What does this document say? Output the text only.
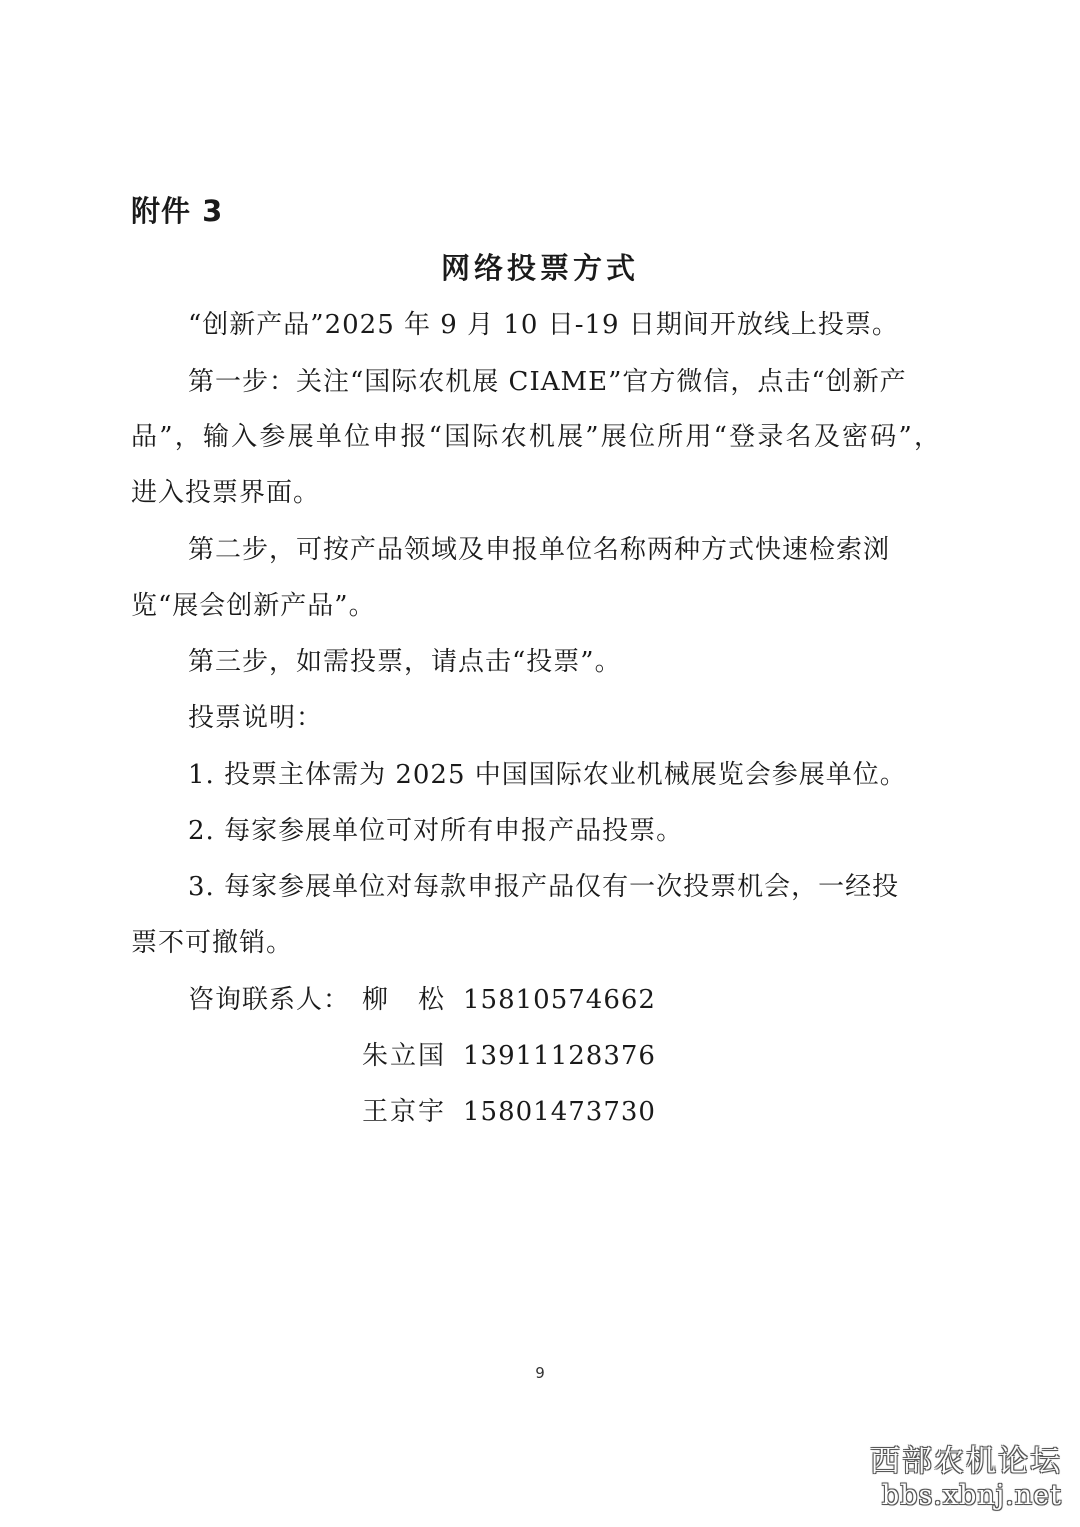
附件 3
网络投票方式
“创新产品”2025 年 9 月 10 日-19 日期间开放线上投票。
第一步：关注“国际农机展 CIAME”官方微信，点击“创新产
品”，输入参展单位申报“国际农机展”展位所用“登录名及密码”，
进入投票界面。
第二步，可按产品领域及申报单位名称两种方式快速检索浏
览“展会创新产品”。
第三步，如需投票，请点击“投票”。
投票说明：
1. 投票主体需为 2025 中国国际农业机械展览会参展单位。
2. 每家参展单位可对所有申报产品投票。
3. 每家参展单位对每款申报产品仅有一次投票机会，一经投
票不可撤销。
咨询联系人： 柳　松 15810574662
朱立国 13911128376
王京宇 15801473730
9
西部农机论坛
bbs.xbnj.net
